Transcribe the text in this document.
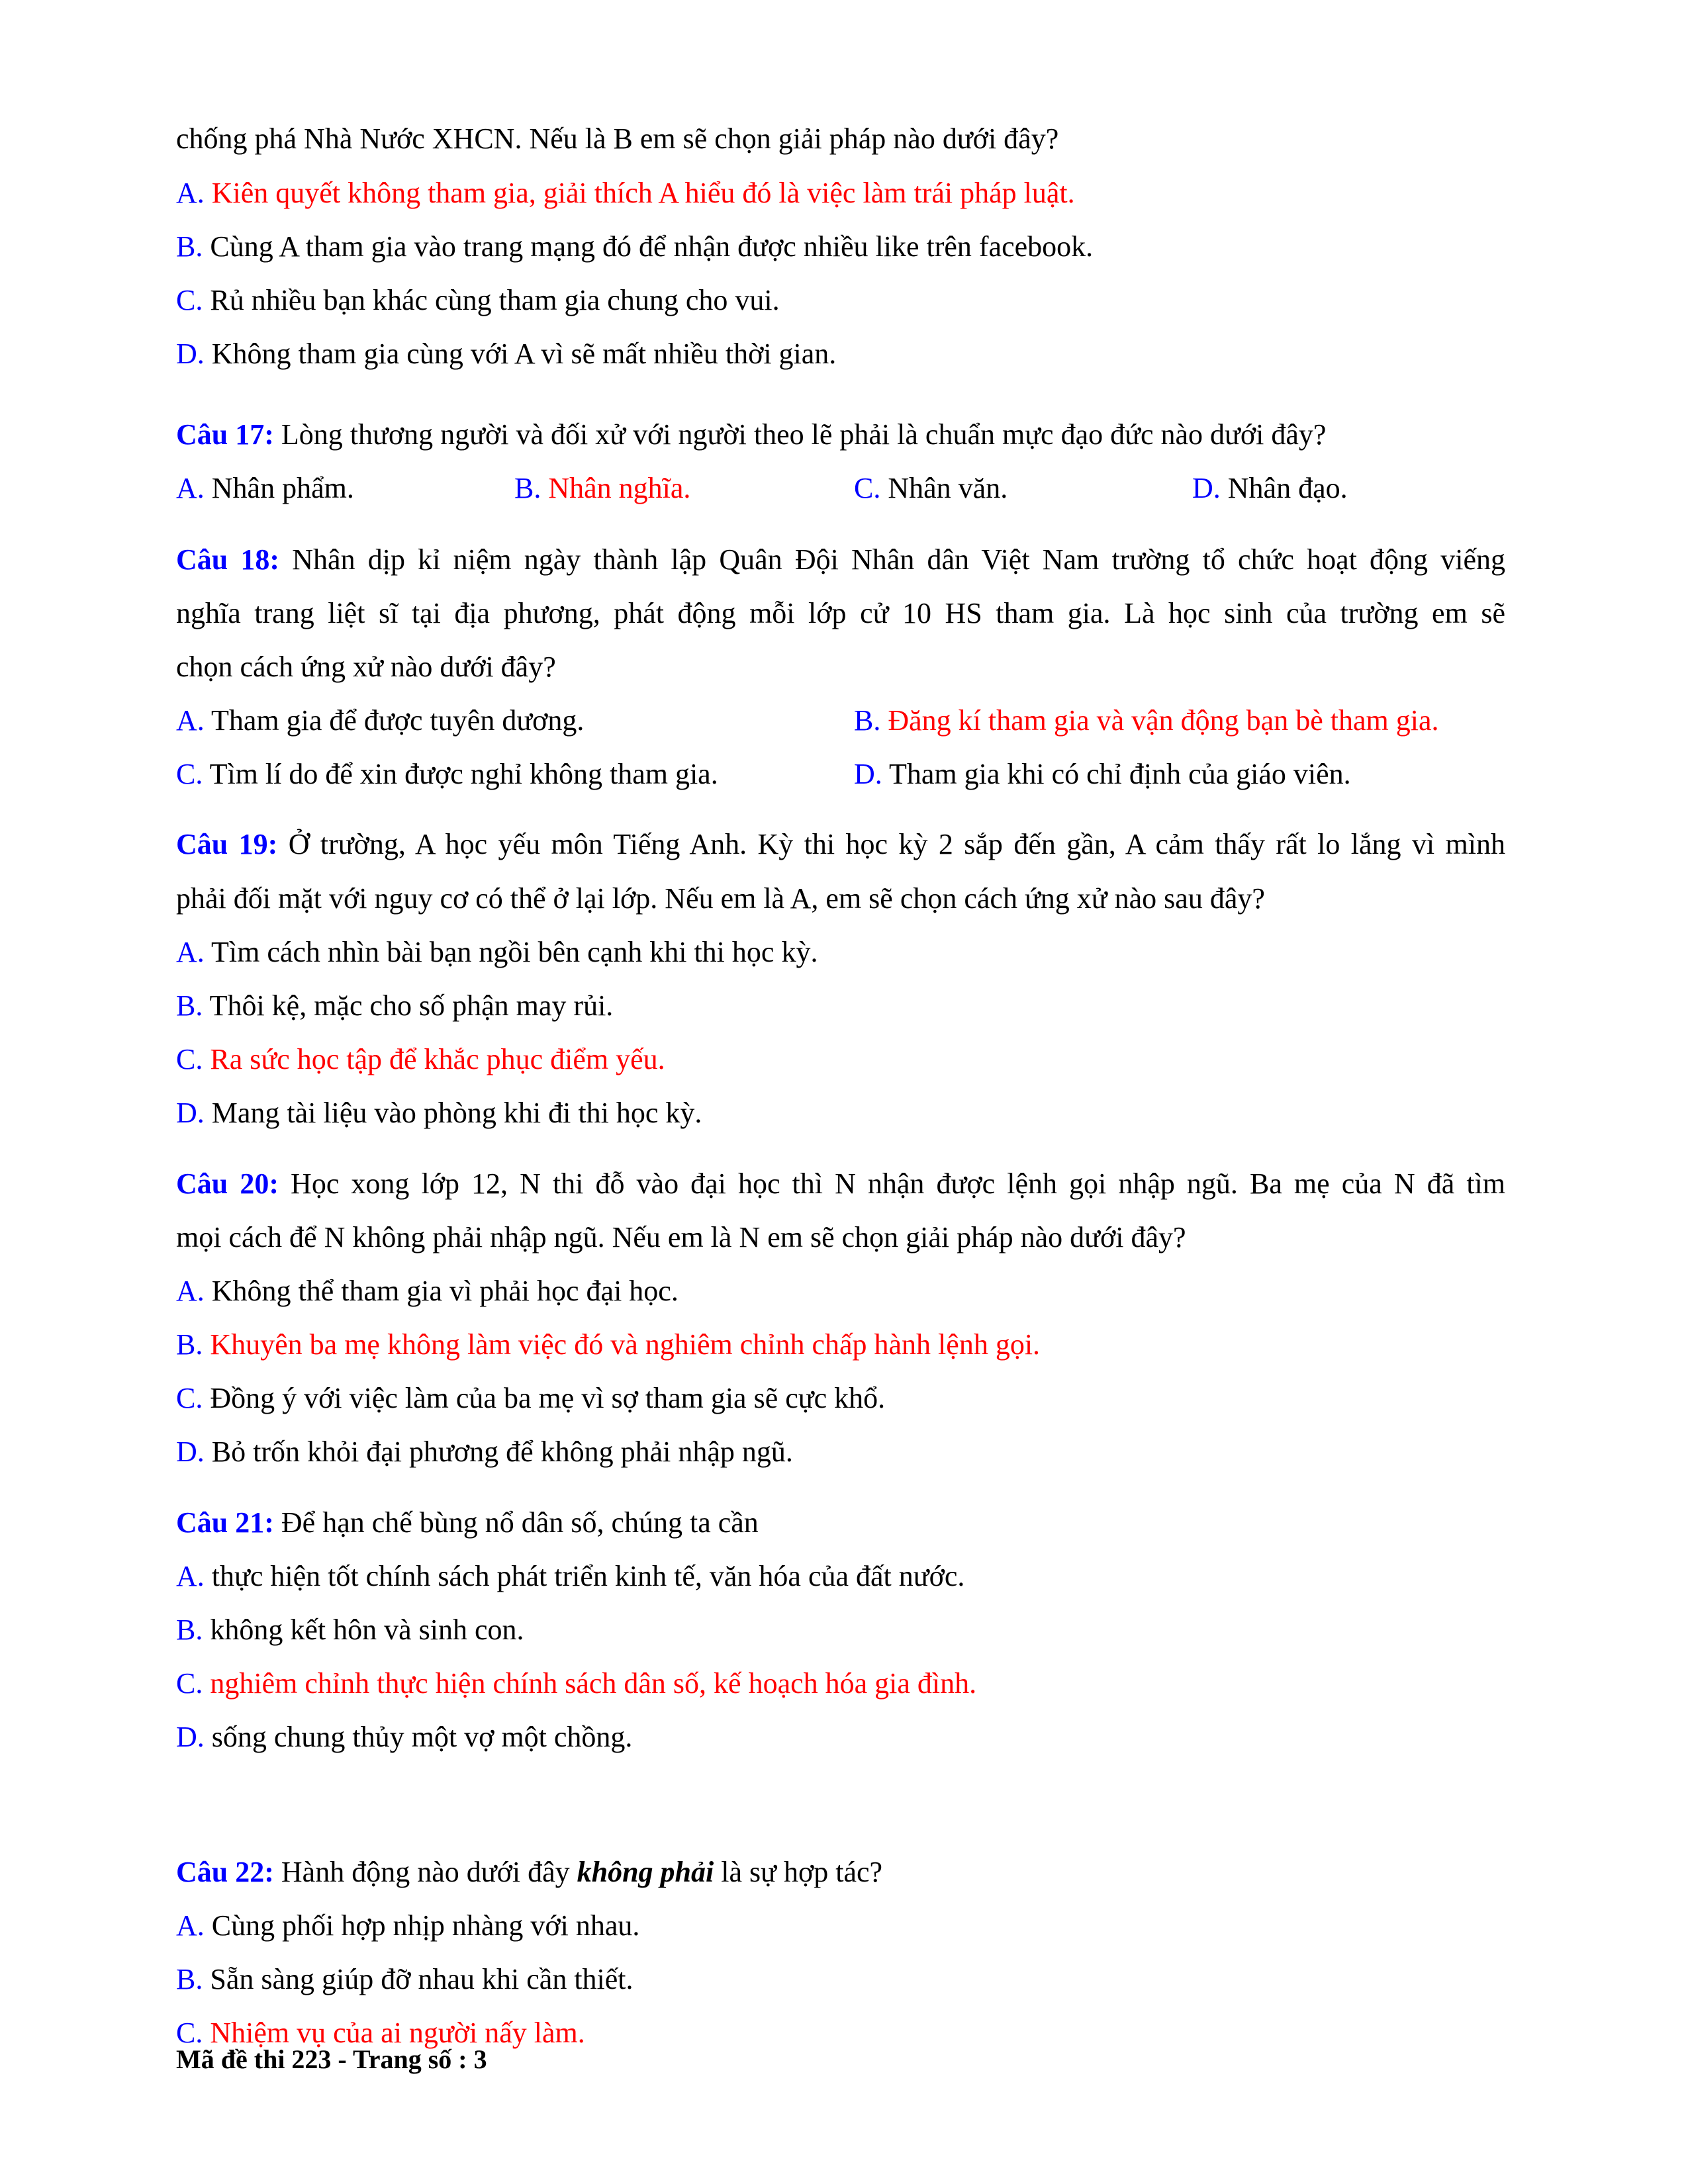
chống phá Nhà Nước XHCN. Nếu là B em sẽ chọn giải pháp nào dưới đây?
A. Kiên quyết không tham gia, giải thích A hiểu đó là việc làm trái pháp luật.
B. Cùng A tham gia vào trang mạng đó để nhận được nhiều like trên facebook.
C. Rủ nhiều bạn khác cùng tham gia chung cho vui.
D. Không tham gia cùng với A vì sẽ mất nhiều thời gian.
Câu 17: Lòng thương người và đối xử với người theo lẽ phải là chuẩn mực đạo đức nào dưới đây?
A. Nhân phẩm.	B. Nhân nghĩa.	C. Nhân văn.	D. Nhân đạo.
Câu 18: Nhân dịp kỉ niệm ngày thành lập Quân Đội Nhân dân Việt Nam trường tổ chức hoạt động viếng
nghĩa trang liệt sĩ tại địa phương, phát động mỗi lớp cử 10 HS tham gia. Là học sinh của trường em sẽ
chọn cách ứng xử nào dưới đây?
A. Tham gia để được tuyên dương.	B. Đăng kí tham gia và vận động bạn bè tham gia.
C. Tìm lí do để xin được nghỉ không tham gia.	D. Tham gia khi có chỉ định của giáo viên.
Câu 19: Ở trường, A học yếu môn Tiếng Anh. Kỳ thi học kỳ 2 sắp đến gần, A cảm thấy rất lo lắng vì mình
phải đối mặt với nguy cơ có thể ở lại lớp. Nếu em là A, em sẽ chọn cách ứng xử nào sau đây?
A. Tìm cách nhìn bài bạn ngồi bên cạnh khi thi học kỳ.
B. Thôi kệ, mặc cho số phận may rủi.
C. Ra sức học tập để khắc phục điểm yếu.
D. Mang tài liệu vào phòng khi đi thi học kỳ.
Câu 20: Học xong lớp 12, N thi đỗ vào đại học thì N nhận được lệnh gọi nhập ngũ. Ba mẹ của N đã tìm
mọi cách để N không phải nhập ngũ. Nếu em là N em sẽ chọn giải pháp nào dưới đây?
A. Không thể tham gia vì phải học đại học.
B. Khuyên ba mẹ không làm việc đó và nghiêm chỉnh chấp hành lệnh gọi.
C. Đồng ý với việc làm của ba mẹ vì sợ tham gia sẽ cực khổ.
D. Bỏ trốn khỏi đại phương để không phải nhập ngũ.
Câu 21: Để hạn chế bùng nổ dân số, chúng ta cần
A. thực hiện tốt chính sách phát triển kinh tế, văn hóa của đất nước.
B. không kết hôn và sinh con.
C. nghiêm chỉnh thực hiện chính sách dân số, kế hoạch hóa gia đình.
D. sống chung thủy một vợ một chồng.
Câu 22: Hành động nào dưới đây không phải là sự hợp tác?
A. Cùng phối hợp nhịp nhàng với nhau.
B. Sẵn sàng giúp đỡ nhau khi cần thiết.
C. Nhiệm vụ của ai người nấy làm.
Mã đề thi 223 - Trang số : 3
